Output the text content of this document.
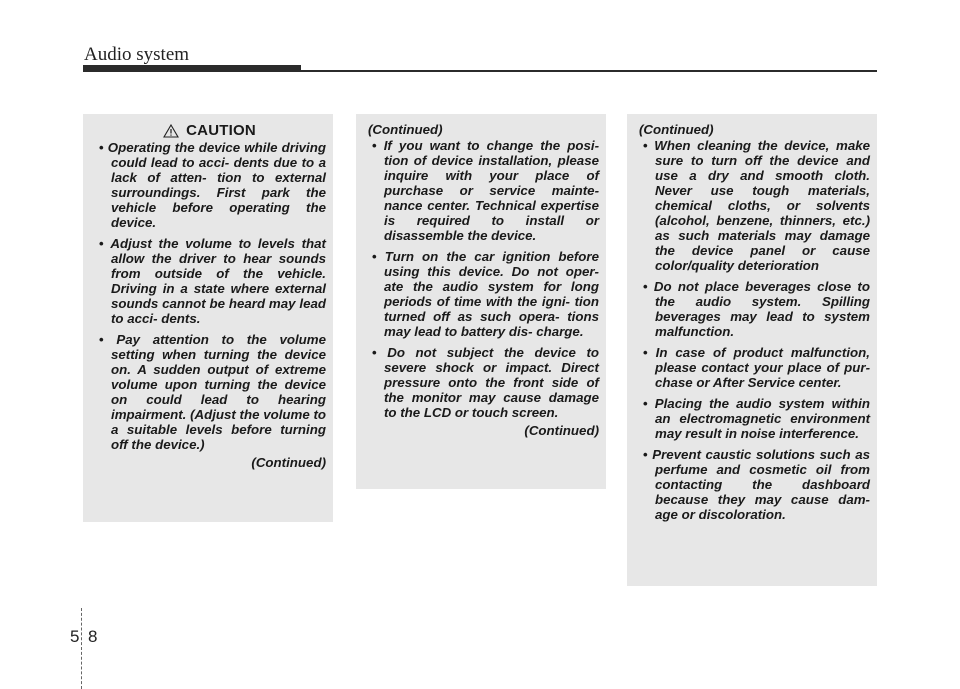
Audio system
CAUTION
• Operating the device while driving could lead to acci- dents due to a lack of atten- tion to external surroundings. First park the vehicle before operating the device.
• Adjust the volume to levels that allow the driver to hear sounds from outside of the vehicle. Driving in a state where external sounds cannot be heard may lead to acci- dents.
• Pay attention to the volume setting when turning the device on. A sudden output of extreme volume upon turning the device on could lead to hearing impairment. (Adjust the volume to a suitable levels before turning off the device.)
(Continued)
(Continued)
• If you want to change the posi- tion of device installation, please inquire with your place of purchase or service mainte- nance center. Technical expertise is required to install or disassemble the device.
• Turn on the car ignition before using this device. Do not oper- ate the audio system for long periods of time with the igni- tion turned off as such opera- tions may lead to battery dis- charge.
• Do not subject the device to severe shock or impact. Direct pressure onto the front side of the monitor may cause damage to the LCD or touch screen.
(Continued)
(Continued)
• When cleaning the device, make sure to turn off the device and use a dry and smooth cloth. Never use tough materials, chemical cloths, or solvents (alcohol, benzene, thinners, etc.) as such materials may damage the device panel or cause color/quality deterioration
• Do not place beverages close to the audio system. Spilling beverages may lead to system malfunction.
• In case of product malfunction, please contact your place of pur- chase or After Service center.
• Placing the audio system within an electromagnetic environment may result in noise interference.
• Prevent caustic solutions such as perfume and cosmetic oil from contacting the dashboard because they may cause dam- age or discoloration.
5 8
